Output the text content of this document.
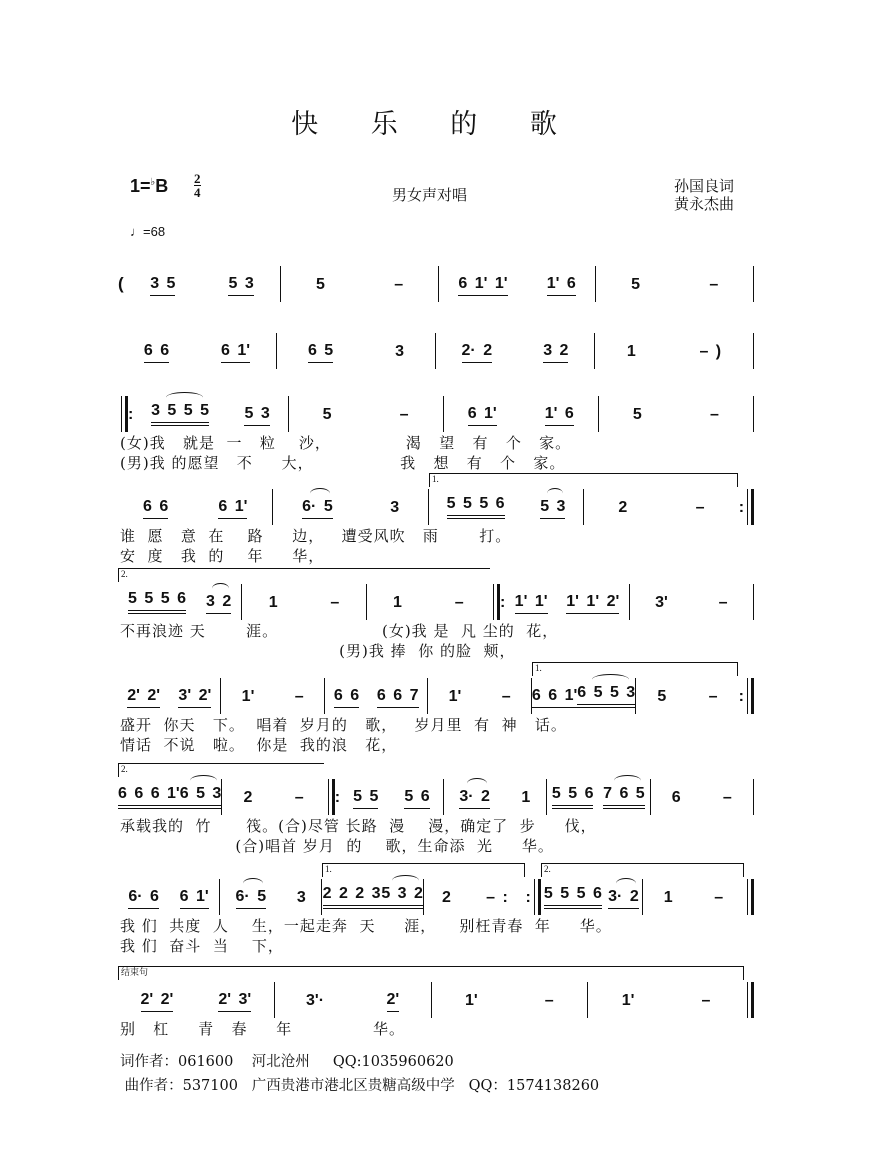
快 乐 的 歌
$1=^♭B \frac{2}{4}$
♩=68
男女声对唱	孙国良词
黄永杰曲
( 3 5	5 3	5	–	6 1' 1' 1' 6	5	–
6 6	6 1'	6 5	3	2· 2	3 2	1	– )
: 3 5 5 5 5 3	5	–	6 1'	1' 6	5	–
(女)我   就是  一   粒    沙，             渴   望   有   个   家。
(男)我 的愿望   不     大，               我   想   有   个   家。
6 6	6 1'	6· 5	3	5 5 5 6 5 3	2	– :
谁  愿   意  在    路     边，   遭受风吹   雨       打。
安  度   我  的    年     华，
5 5 5 6 3 2 1	–	1	– : 1' 1' 1' 1' 2' 3'	–
不再浪迹 天       涯。                  (女)我 是  凡 尘的  花，
(男)我 捧  你 的脸  颊，
2' 2' 3' 2' 1'	– 6 6 6 6 7 1'	– 6 6 1' 6 5 5 3 5	– :
盛开  你天   下。  唱着  岁月的   歌，   岁月里  有  神   话。
情话  不说   啦。  你是  我的浪   花，
6 6 6 1' 6 5 3 2	– : 5 5 5 6 3· 2 1 5 5 6 7 6 5 6	–
承载我的  竹      筏。(合)尽管 长路  漫    漫，确定了  步     伐，
(合)唱首 岁月  的    歌，生命添  光     华。
6· 6 6 1' 6· 5 3 2 2 2 3 5 3 2 2 – : : 5 5 5 6 3· 2 1	–
我 们  共度  人    生，一起走奔  天     涯，    别枉青春  年     华。
我 们  奋斗  当    下，
2' 2'	2' 3'	3'·	2'	1'	–	1'	–
别   杠     青   春     年              华。
1.
2.
1.
2.
1.	2.
结束句
词作者：061600    河北沧州     QQ:1035960620
曲作者：537100   广西贵港市港北区贵糖高级中学   QQ：1574138260
